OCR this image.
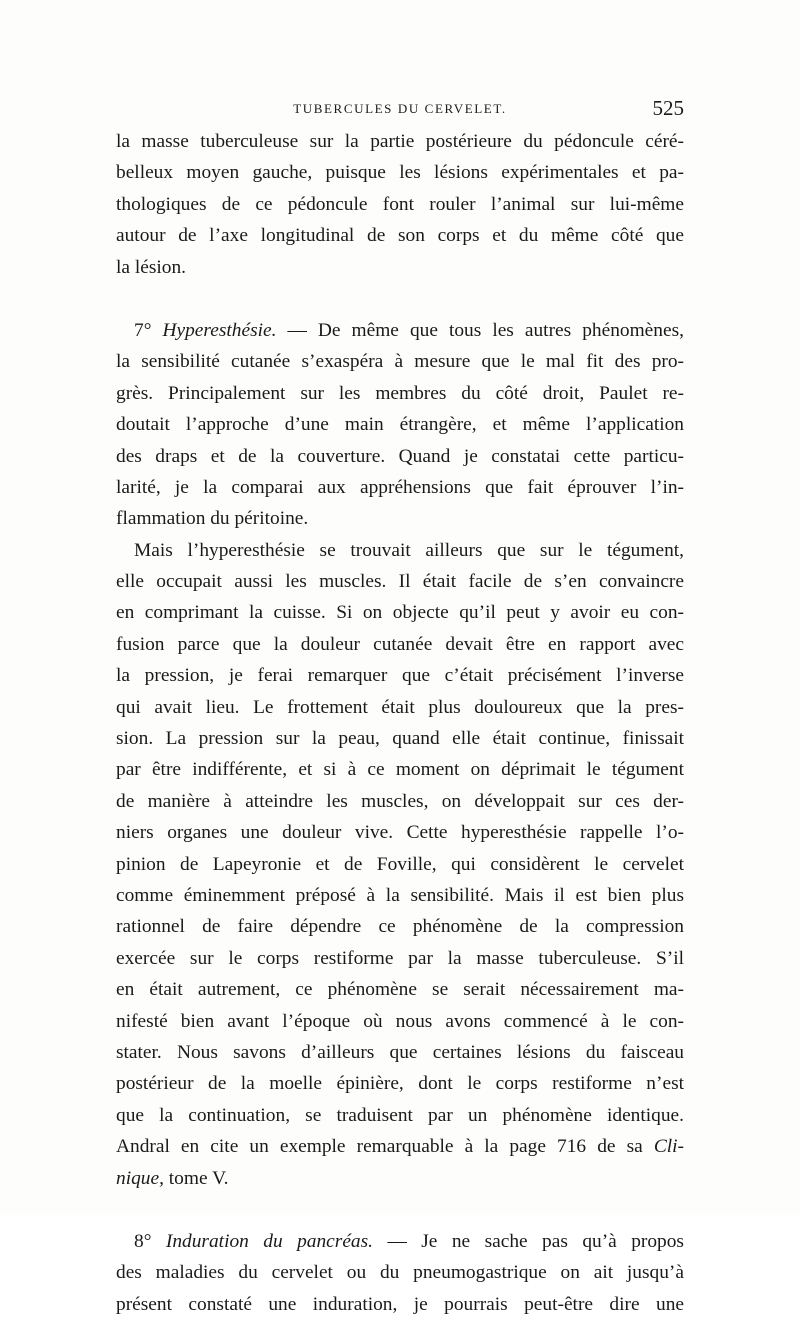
TUBERCULES DU CERVELET.	525
la masse tuberculeuse sur la partie postérieure du pédoncule céré-
belleux moyen gauche, puisque les lésions expérimentales et pa-
thologiques de ce pédoncule font rouler l’animal sur lui-même
autour de l’axe longitudinal de son corps et du même côté que
la lésion.
7° Hyperesthésie. — De même que tous les autres phénomènes,
la sensibilité cutanée s’exaspéra à mesure que le mal fit des pro-
grès. Principalement sur les membres du côté droit, Paulet re-
doutait l’approche d’une main étrangère, et même l’application
des draps et de la couverture. Quand je constatai cette particu-
larité, je la comparai aux appréhensions que fait éprouver l’in-
flammation du péritoine.
Mais l’hyperesthésie se trouvait ailleurs que sur le tégument,
elle occupait aussi les muscles. Il était facile de s’en convaincre
en comprimant la cuisse. Si on objecte qu’il peut y avoir eu con-
fusion parce que la douleur cutanée devait être en rapport avec
la pression, je ferai remarquer que c’était précisément l’inverse
qui avait lieu. Le frottement était plus douloureux que la pres-
sion. La pression sur la peau, quand elle était continue, finissait
par être indifférente, et si à ce moment on déprimait le tégument
de manière à atteindre les muscles, on développait sur ces der-
niers organes une douleur vive. Cette hyperesthésie rappelle l’o-
pinion de Lapeyronie et de Foville, qui considèrent le cervelet
comme éminemment préposé à la sensibilité. Mais il est bien plus
rationnel de faire dépendre ce phénomène de la compression
exercée sur le corps restiforme par la masse tuberculeuse. S’il
en était autrement, ce phénomène se serait nécessairement ma-
nifesté bien avant l’époque où nous avons commencé à le con-
stater. Nous savons d’ailleurs que certaines lésions du faisceau
postérieur de la moelle épinière, dont le corps restiforme n’est
que la continuation, se traduisent par un phénomène identique.
Andral en cite un exemple remarquable à la page 716 de sa Cli-
nique, tome V.
8° Induration du pancréas. — Je ne sache pas qu’à propos
des maladies du cervelet ou du pneumogastrique on ait jusqu’à
présent constaté une induration, je pourrais peut-être dire une
